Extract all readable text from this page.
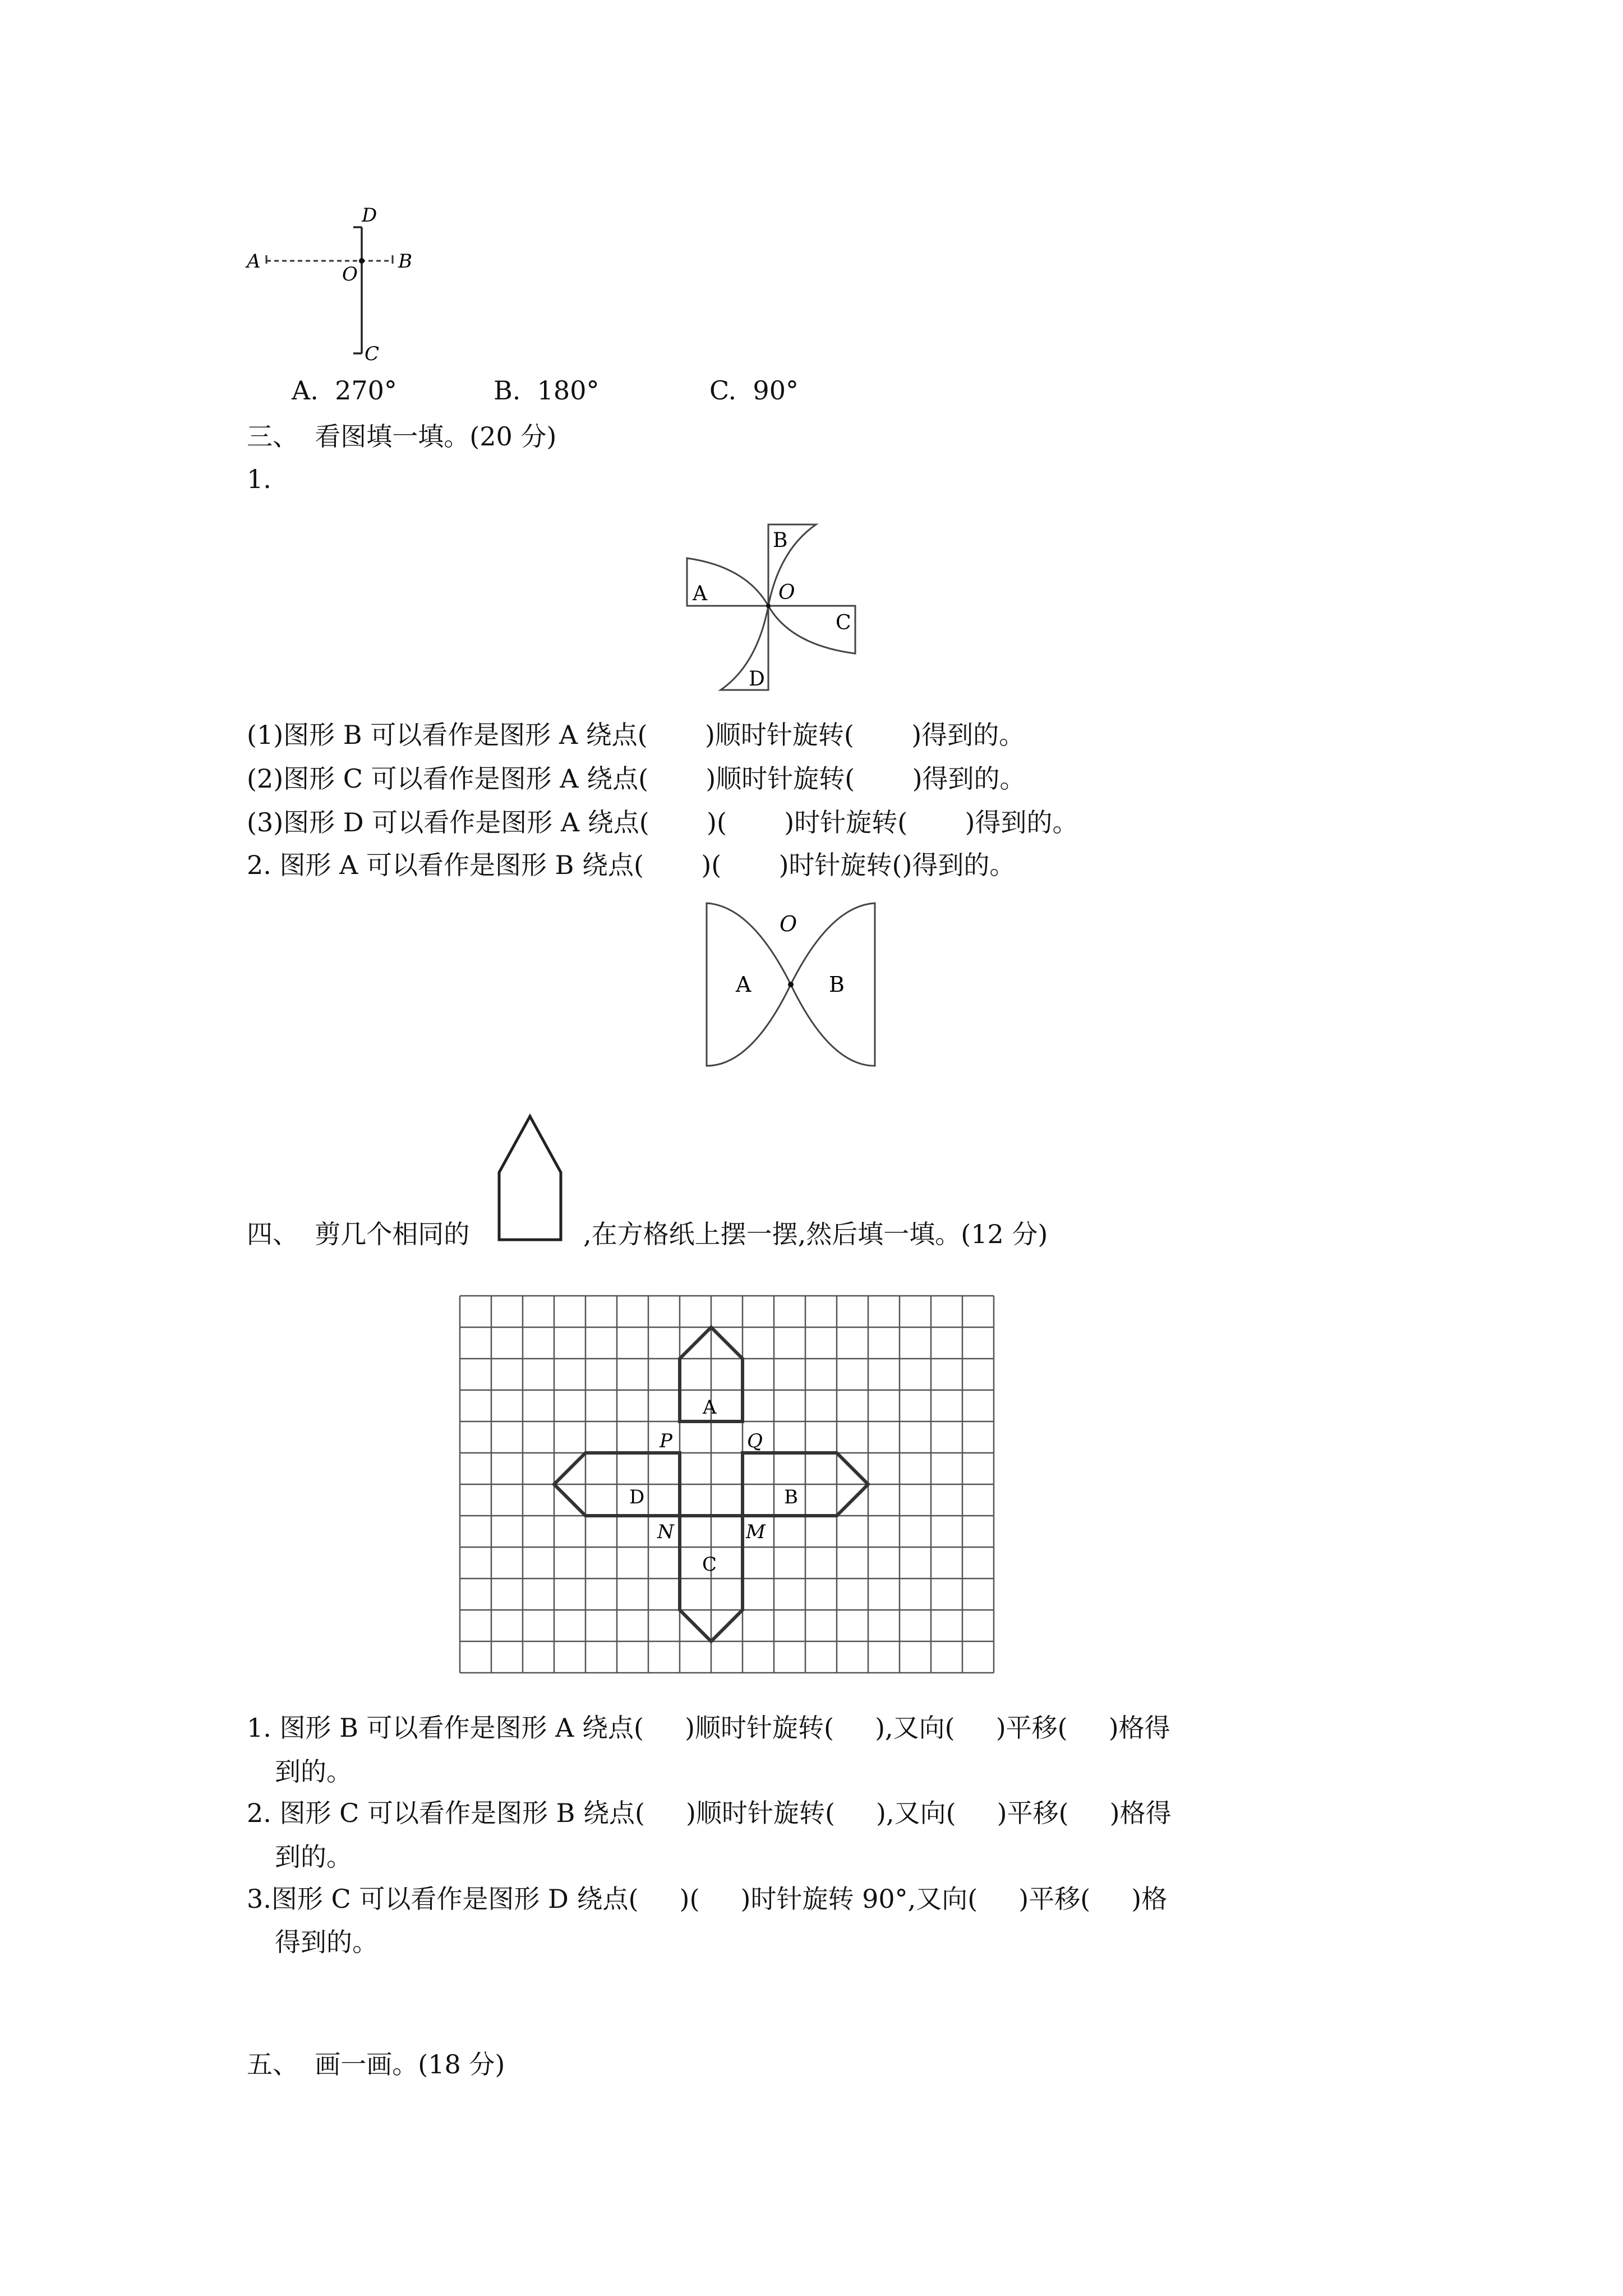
D
A
O
B
C
A.  270°	B.  180°	C.  90°
三、  看图填一填。(20 分)
1.
A
B
C
D
O
(1)图形 B 可以看作是图形 A 绕点(       )顺时针旋转(       )得到的。
(2)图形 C 可以看作是图形 A 绕点(       )顺时针旋转(       )得到的。
(3)图形 D 可以看作是图形 A 绕点(       )(       )时针旋转(       )得到的。
2. 图形 A 可以看作是图形 B 绕点(       )(       )时针旋转()得到的。
O
A	B
四、  剪几个相同的	,在方格纸上摆一摆,然后填一填。(12 分)
A
P	Q
D	B
N	M
C
1. 图形 B 可以看作是图形 A 绕点(     )顺时针旋转(     ),又向(     )平移(     )格得
到的。
2. 图形 C 可以看作是图形 B 绕点(     )顺时针旋转(     ),又向(     )平移(     )格得
到的。
3.图形 C 可以看作是图形 D 绕点(     )(     )时针旋转 90°,又向(     )平移(     )格
得到的。
五、  画一画。(18 分)
